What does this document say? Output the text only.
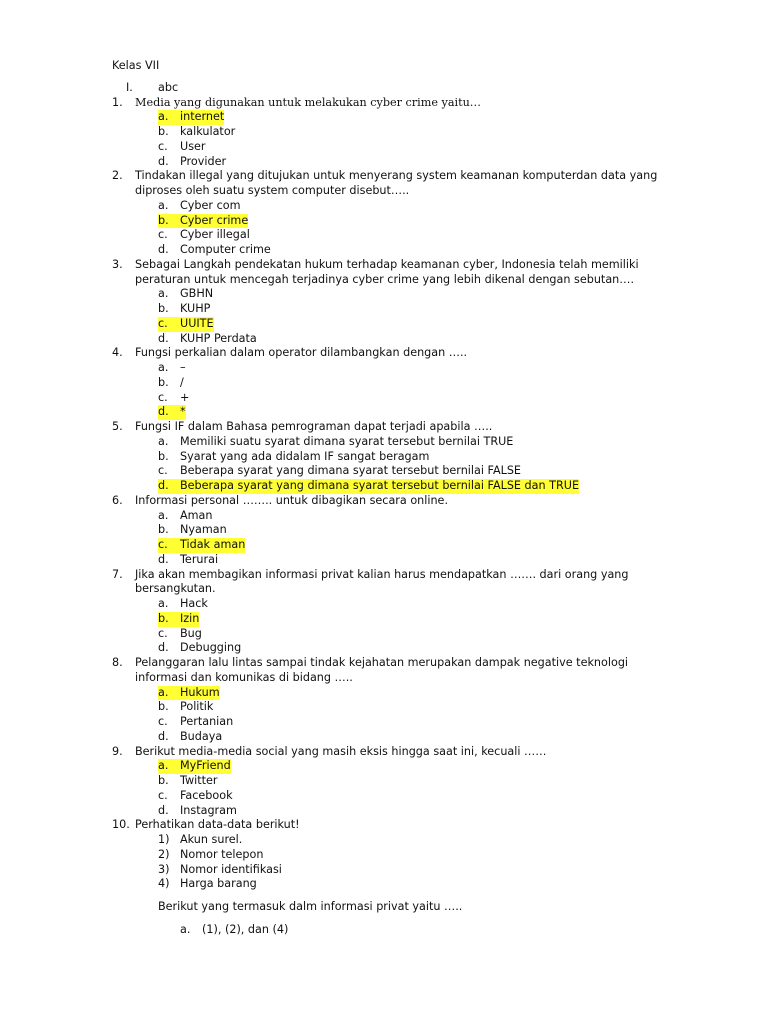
Kelas VII
I. abc
1.	Media yang digunakan untuk melakukan cyber crime yaitu…
a. internet
b. kalkulator
c. User
d. Provider
2.	Tindakan illegal yang ditujukan untuk menyerang system keamanan komputerdan data yang diproses oleh suatu system computer disebut…..
a. Cyber com
b. Cyber crime
c. Cyber illegal
d. Computer crime
3.	Sebagai Langkah pendekatan hukum terhadap keamanan cyber, Indonesia telah memiliki peraturan untuk mencegah terjadinya cyber crime yang lebih dikenal dengan sebutan….
a. GBHN
b. KUHP
c. UUITE
d. KUHP Perdata
4.	Fungsi perkalian dalam operator dilambangkan dengan …..
a. –
b. /
c. +
d. *
5.	Fungsi IF dalam Bahasa pemrograman dapat terjadi apabila …..
a. Memiliki suatu syarat dimana syarat tersebut bernilai TRUE
b. Syarat yang ada didalam IF sangat beragam
c. Beberapa syarat yang dimana syarat tersebut bernilai FALSE
d. Beberapa syarat yang dimana syarat tersebut bernilai FALSE dan TRUE
6.	Informasi personal …….. untuk dibagikan secara online.
a. Aman
b. Nyaman
c. Tidak aman
d. Terurai
7.	Jika akan membagikan informasi privat kalian harus mendapatkan ……. dari orang yang bersangkutan.
a. Hack
b. Izin
c. Bug
d. Debugging
8.	Pelanggaran lalu lintas sampai tindak kejahatan merupakan dampak negative teknologi informasi dan komunikas di bidang …..
a. Hukum
b. Politik
c. Pertanian
d. Budaya
9.	Berikut media-media social yang masih eksis hingga saat ini, kecuali ……
a. MyFriend
b. Twitter
c. Facebook
d. Instagram
10. Perhatikan data-data berikut!
1) Akun surel.
2) Nomor telepon
3) Nomor identifikasi
4) Harga barang
Berikut yang termasuk dalm informasi privat yaitu …..
a. (1), (2), dan (4)
